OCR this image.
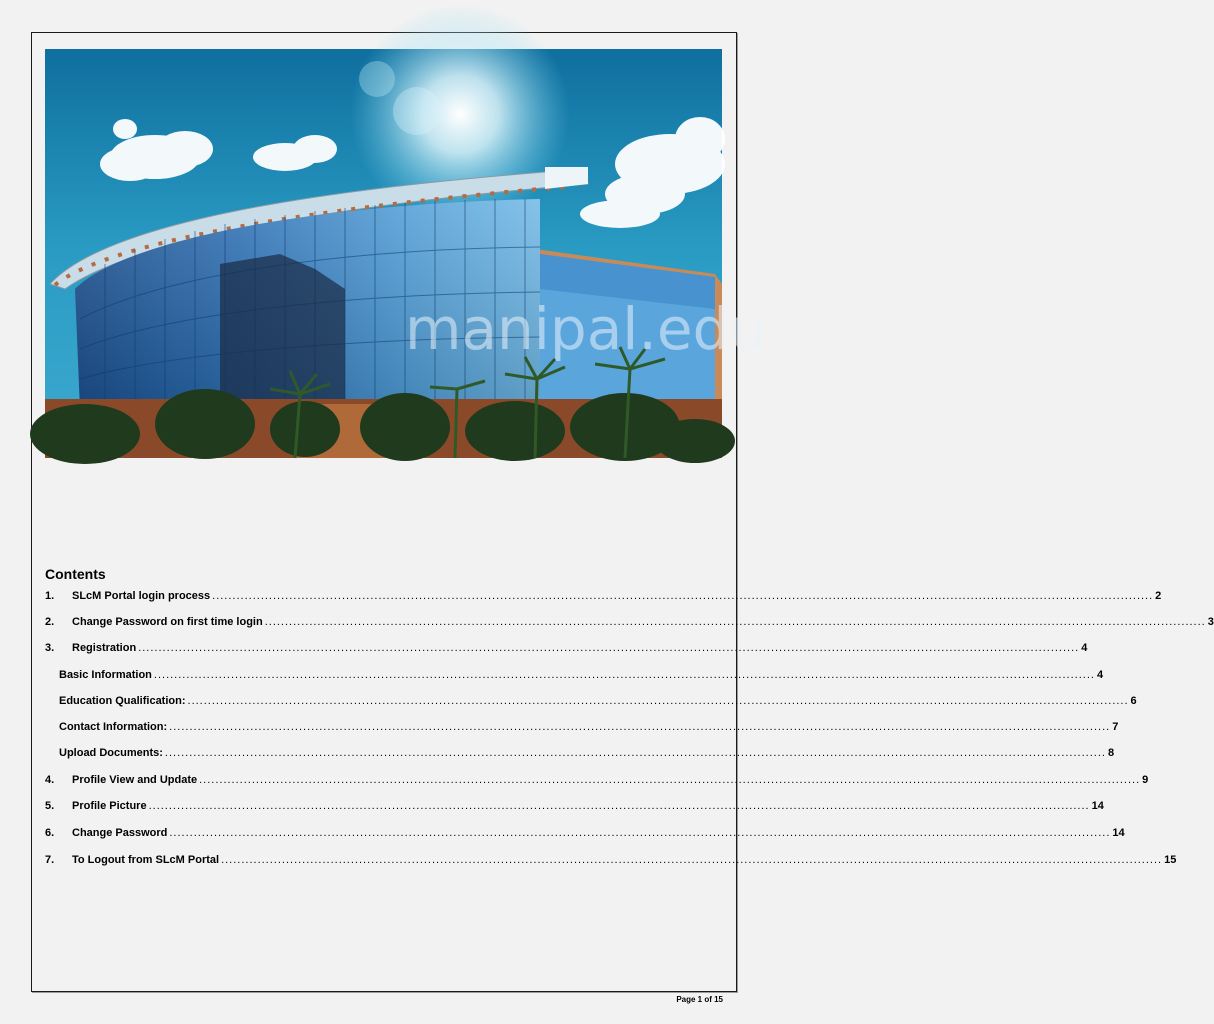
manipal.edu
Contents
1.	SLcM Portal login process .....	2
2.	Change Password on first time login .....	3
3.	Registration .....	4
Basic Information .....	4
Education Qualification: .....	6
Contact Information: .....	7
Upload Documents: .....	8
4.	Profile View and Update .....	9
5.	Profile Picture .....	14
6.	Change Password .....	14
7.	To Logout from SLcM Portal .....	15
Page 1 of 15
